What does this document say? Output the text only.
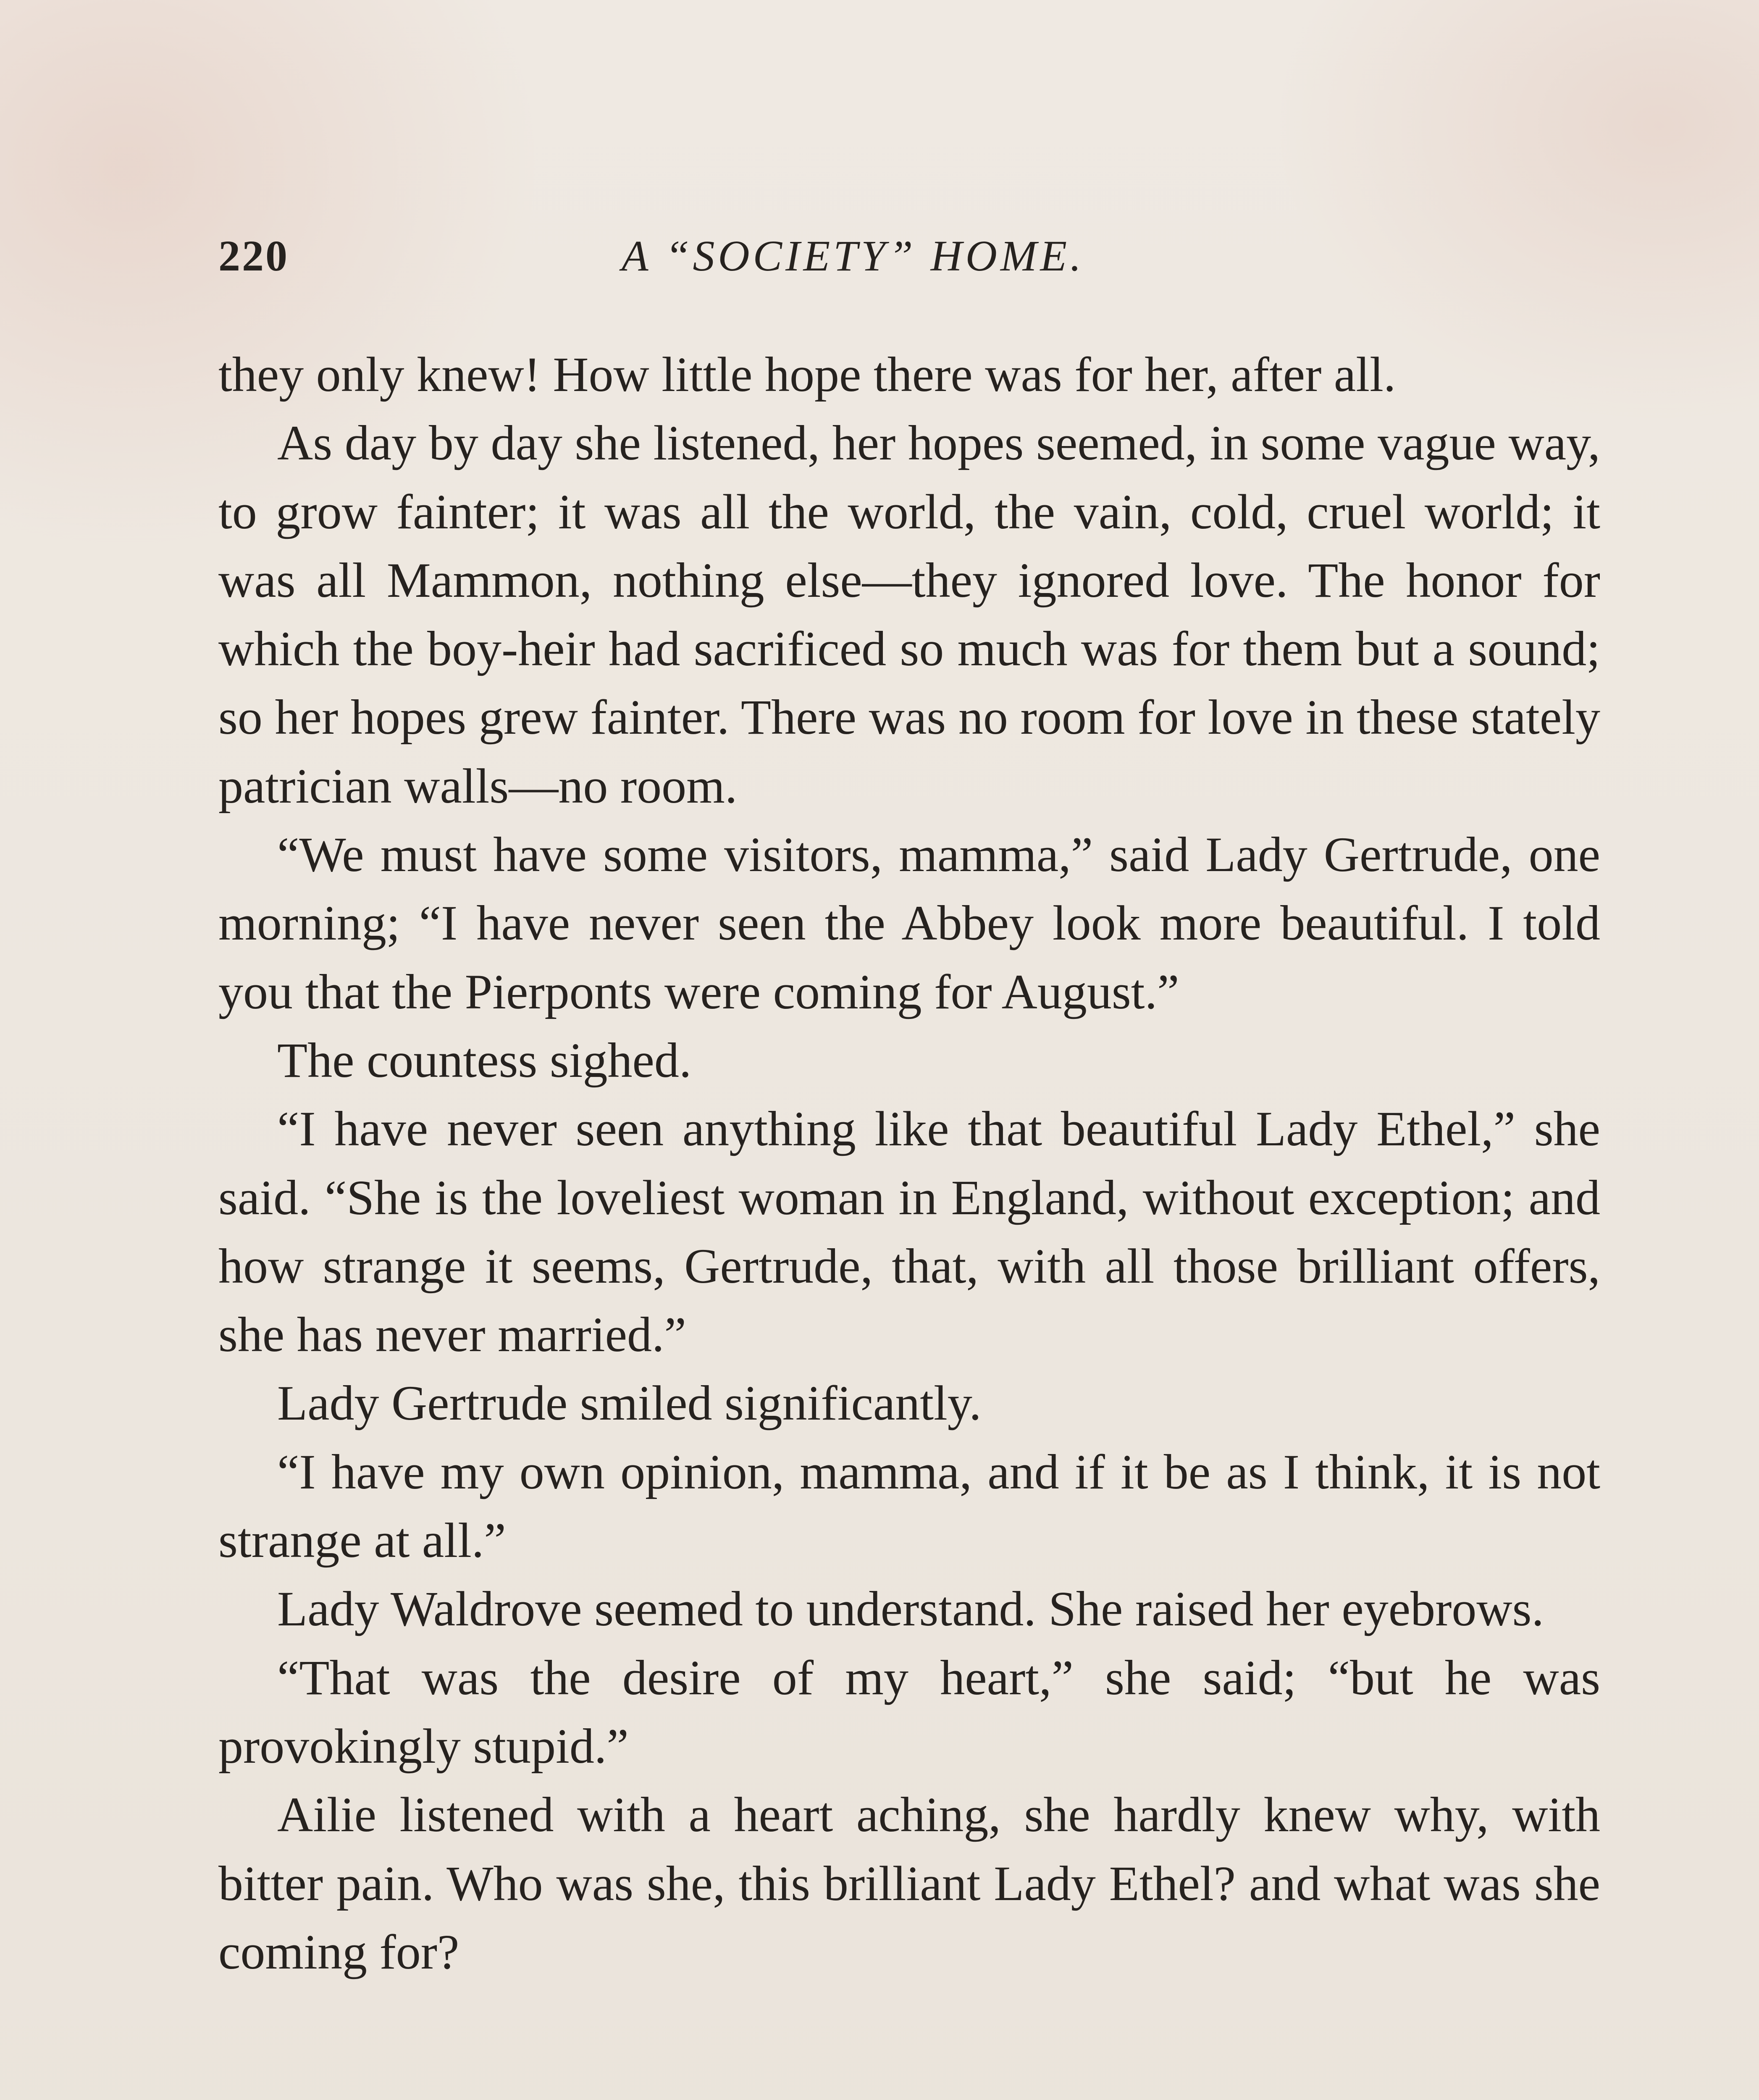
220	A “SOCIETY” HOME.

they only knew! How little hope there was for her, after all.

As day by day she listened, her hopes seemed, in some vague way, to grow fainter; it was all the world, the vain, cold, cruel world; it was all Mammon, nothing else—they ignored love. The honor for which the boy-heir had sacrificed so much was for them but a sound; so her hopes grew fainter. There was no room for love in these stately patrician walls—no room.

“We must have some visitors, mamma,” said Lady Gertrude, one morning; “I have never seen the Abbey look more beautiful. I told you that the Pierponts were coming for August.”

The countess sighed.

“I have never seen anything like that beautiful Lady Ethel,” she said. “She is the loveliest woman in England, without exception; and how strange it seems, Gertrude, that, with all those brilliant offers, she has never married.”

Lady Gertrude smiled significantly.

“I have my own opinion, mamma, and if it be as I think, it is not strange at all.”

Lady Waldrove seemed to understand. She raised her eyebrows.

“That was the desire of my heart,” she said; “but he was provokingly stupid.”

Ailie listened with a heart aching, she hardly knew why, with bitter pain. Who was she, this brilliant Lady Ethel? and what was she coming for?
